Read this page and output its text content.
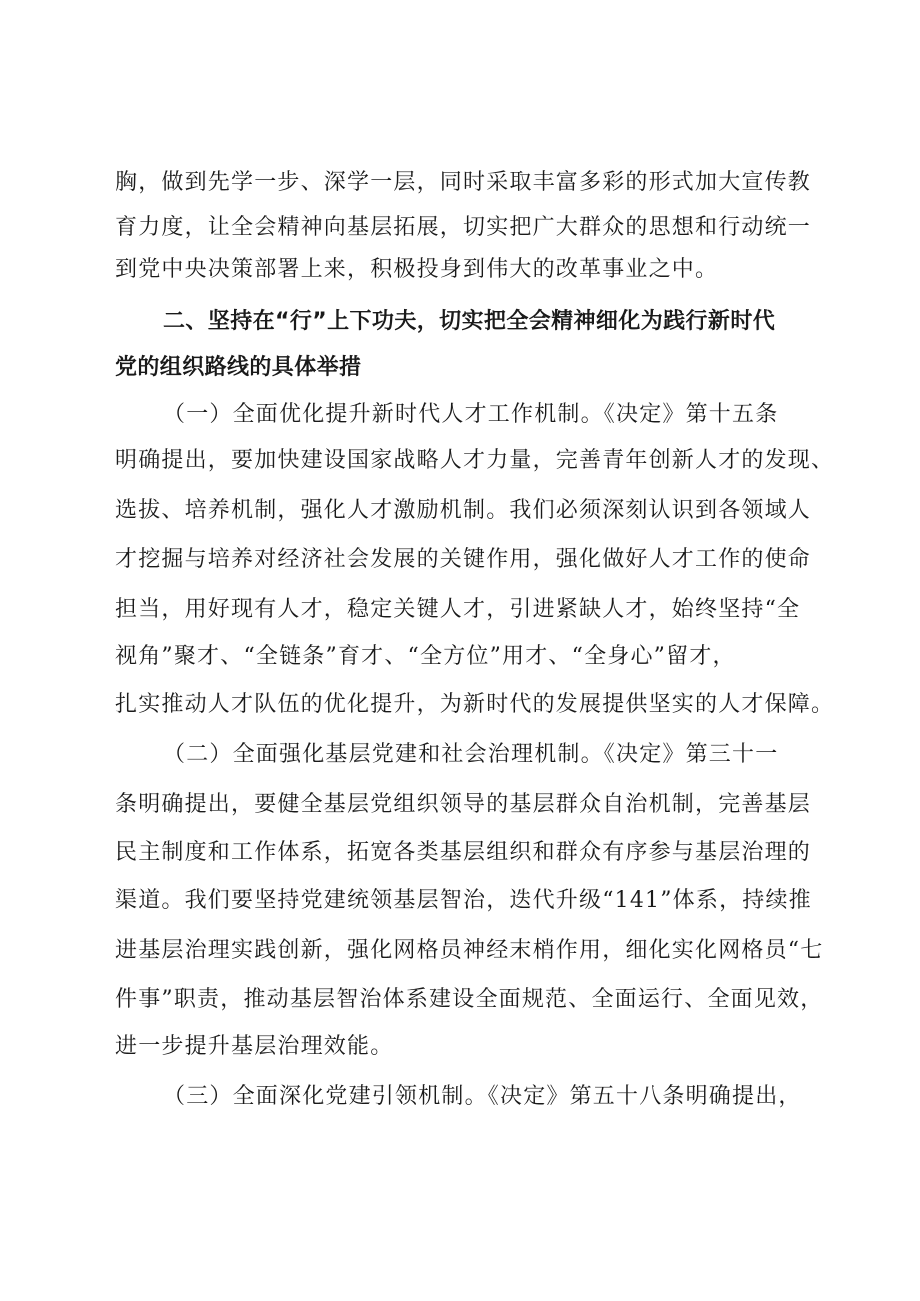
胸，做到先学一步、深学一层，同时采取丰富多彩的形式加大宣传教

育力度，让全会精神向基层拓展，切实把广大群众的思想和行动统一

到党中央决策部署上来，积极投身到伟大的改革事业之中。

二、坚持在“行”上下功夫，切实把全会精神细化为践行新时代

党的组织路线的具体举措

（一）全面优化提升新时代人才工作机制。《决定》第十五条

明确提出，要加快建设国家战略人才力量，完善青年创新人才的发现、

选拔、培养机制，强化人才激励机制。我们必须深刻认识到各领域人

才挖掘与培养对经济社会发展的关键作用，强化做好人才工作的使命

担当，用好现有人才，稳定关键人才，引进紧缺人才，始终坚持“全

视角”聚才、“全链条”育才、“全方位”用才、“全身心”留才，

扎实推动人才队伍的优化提升，为新时代的发展提供坚实的人才保障。

（二）全面强化基层党建和社会治理机制。《决定》第三十一

条明确提出，要健全基层党组织领导的基层群众自治机制，完善基层

民主制度和工作体系，拓宽各类基层组织和群众有序参与基层治理的

渠道。我们要坚持党建统领基层智治，迭代升级“141”体系，持续推

进基层治理实践创新，强化网格员神经末梢作用，细化实化网格员“七

件事”职责，推动基层智治体系建设全面规范、全面运行、全面见效，

进一步提升基层治理效能。

（三）全面深化党建引领机制。《决定》第五十八条明确提出，
